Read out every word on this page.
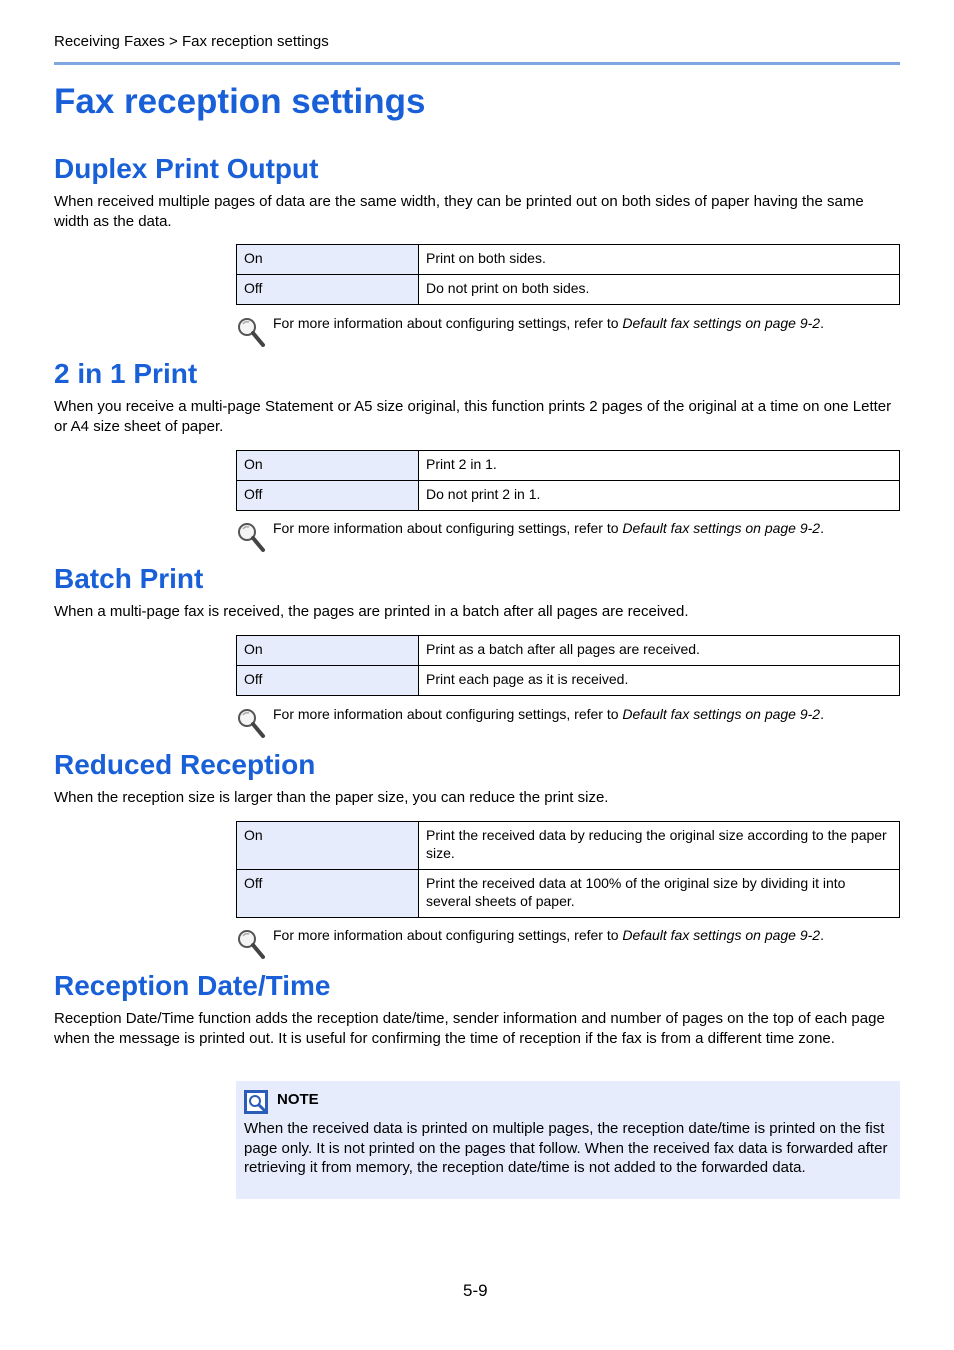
Receiving Faxes > Fax reception settings
Fax reception settings
Duplex Print Output

When received multiple pages of data are the same width, they can be printed out on both sides of paper having the same width as the data.

On	Print on both sides.
Off	Do not print on both sides.
For more information about configuring settings, refer to Default fax settings on page 9-2.
2 in 1 Print

When you receive a multi-page Statement or A5 size original, this function prints 2 pages of the original at a time on one Letter or A4 size sheet of paper.

On	Print 2 in 1.
Off	Do not print 2 in 1.
For more information about configuring settings, refer to Default fax settings on page 9-2.
Batch Print

When a multi-page fax is received, the pages are printed in a batch after all pages are received.

On	Print as a batch after all pages are received.
Off	Print each page as it is received.
For more information about configuring settings, refer to Default fax settings on page 9-2.
Reduced Reception

When the reception size is larger than the paper size, you can reduce the print size.

On	Print the received data by reducing the original size according to the paper size.
Off	Print the received data at 100% of the original size by dividing it into several sheets of paper.
For more information about configuring settings, refer to Default fax settings on page 9-2.
Reception Date/Time

Reception Date/Time function adds the reception date/time, sender information and number of pages on the top of each page when the message is printed out. It is useful for confirming the time of reception if the fax is from a different time zone.

NOTE
When the received data is printed on multiple pages, the reception date/time is printed on the fist page only. It is not printed on the pages that follow. When the received fax data is forwarded after retrieving it from memory, the reception date/time is not added to the forwarded data.
5-9
